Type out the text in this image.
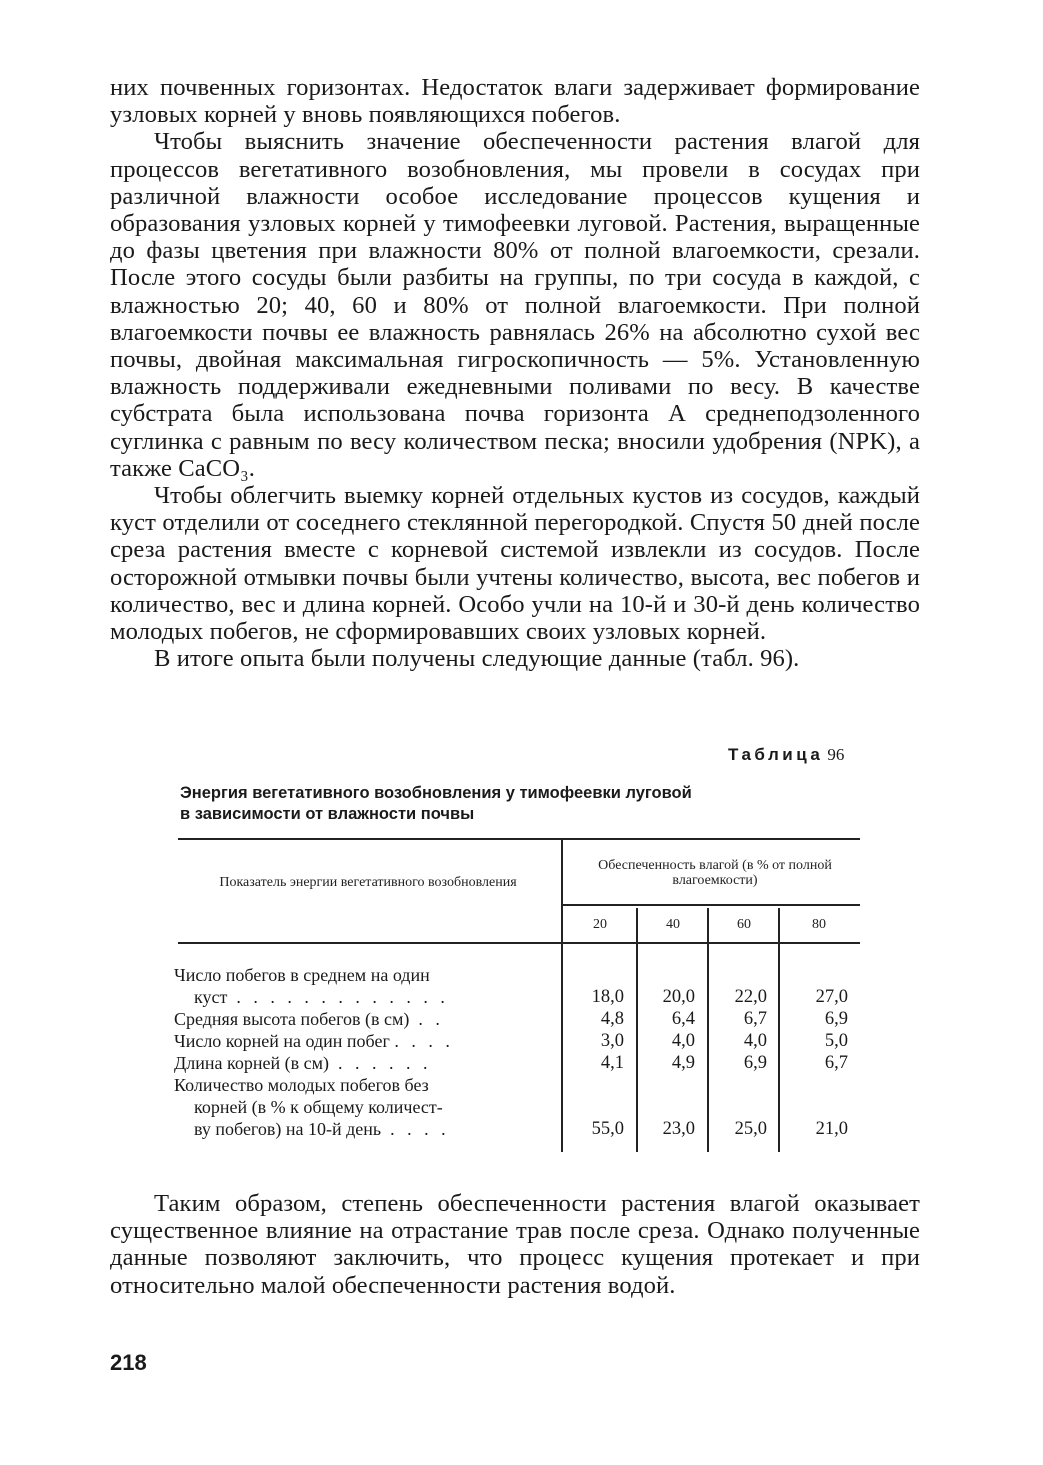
них почвенных горизонтах. Недостаток влаги задерживает формирование узловых корней у вновь появляющихся побегов.

Чтобы выяснить значение обеспеченности растения влагой для процессов вегетативного возобновления, мы провели в сосудах при различной влажности особое исследование процессов кущения и образования узловых корней у тимофеевки луговой. Растения, выращенные до фазы цветения при влажности 80% от полной влагоемкости, срезали. После этого сосуды были разбиты на группы, по три сосуда в каждой, с влажностью 20; 40, 60 и 80% от полной влагоемкости. При полной влагоемкости почвы ее влажность равнялась 26% на абсолютно сухой вес почвы, двойная максимальная гигроскопичность — 5%. Установленную влажность поддерживали ежедневными поливами по весу. В качестве субстрата была использована почва горизонта А среднеподзоленного суглинка с равным по весу количеством песка; вносили удобрения (NPK), а также CaCO₃.

Чтобы облегчить выемку корней отдельных кустов из сосудов, каждый куст отделили от соседнего стеклянной перегородкой. Спустя 50 дней после среза растения вместе с корневой системой извлекли из сосудов. После осторожной отмывки почвы были учтены количество, высота, вес побегов и количество, вес и длина корней. Особо учли на 10-й и 30-й день количество молодых побегов, не сформировавших своих узловых корней.

В итоге опыта были получены следующие данные (табл. 96).

Таблица 96
Энергия вегетативного возобновления у тимофеевки луговой
в зависимости от влажности почвы
Показатель энергии вегетативного возобновления
Обеспеченность влагой (в % от полной влагоемкости)
20	40	60	80
Число побегов в среднем на один
куст . . . . . . . . . . . . .	18,0	20,0	22,0	27,0
Средняя высота побегов (в см) . .	4,8	6,4	6,7	6,9
Число корней на один побег . . . .	3,0	4,0	4,0	5,0
Длина корней (в см) . . . . . .	4,1	4,9	6,9	6,7
Количество молодых побегов без
корней (в % к общему количест-
ву побегов) на 10-й день . . . .	55,0	23,0	25,0	21,0

Таким образом, степень обеспеченности растения влагой оказывает существенное влияние на отрастание трав после среза. Однако полученные данные позволяют заключить, что процесс кущения протекает и при относительно малой обеспеченности растения водой.

218
